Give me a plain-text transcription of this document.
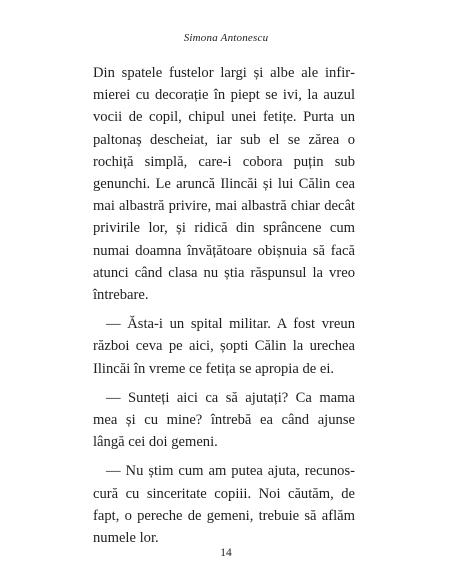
Simona Antonescu

Din spatele fustelor largi și albe ale infirmierei cu decorație în piept se ivi, la auzul vocii de copil, chipul unei fetițe. Purta un paltonaș descheiat, iar sub el se zărea o rochiță simplă, care-i cobora puțin sub genunchi. Le aruncă Ilincăi și lui Călin cea mai albastră privire, mai albastră chiar decât privirile lor, și ridică din sprâncene cum numai doamna învățătoare obișnuia să facă atunci când clasa nu știa răspunsul la vreo întrebare.

— Ăsta-i un spital militar. A fost vreun război ceva pe aici, șopti Călin la urechea Ilincăi în vreme ce fetița se apropia de ei.

— Sunteți aici ca să ajutați? Ca mama mea și cu mine? întrebă ea când ajunse lângă cei doi gemeni.

— Nu știm cum am putea ajuta, recunoscură cu sinceritate copiii. Noi căutăm, de fapt, o pereche de gemeni, trebuie să aflăm numele lor.

14
